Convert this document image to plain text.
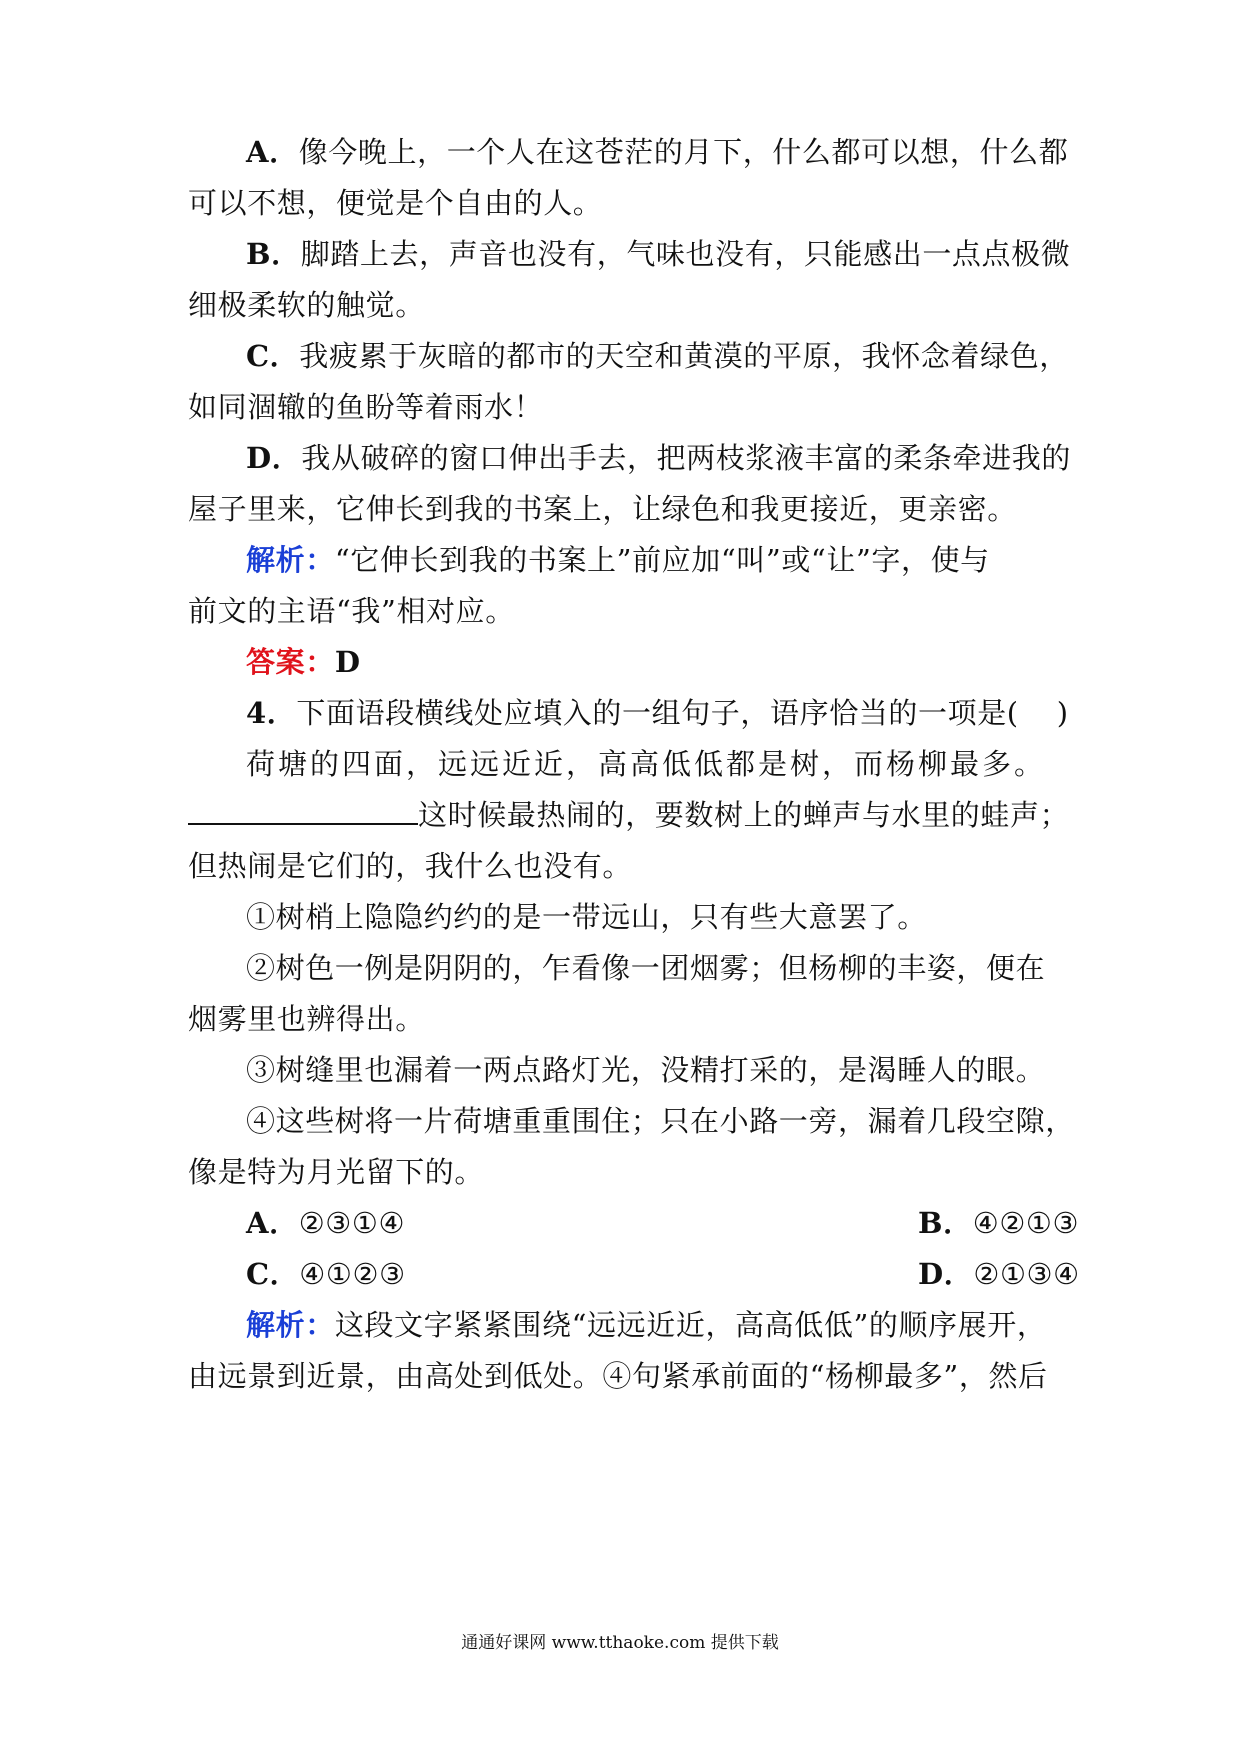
A．像今晚上，一个人在这苍茫的月下，什么都可以想，什么都
可以不想，便觉是个自由的人。
B．脚踏上去，声音也没有，气味也没有，只能感出一点点极微
细极柔软的触觉。
C．我疲累于灰暗的都市的天空和黄漠的平原，我怀念着绿色，
如同涸辙的鱼盼等着雨水！
D．我从破碎的窗口伸出手去，把两枝浆液丰富的柔条牵进我的
屋子里来，它伸长到我的书案上，让绿色和我更接近，更亲密。
解析：“它伸长到我的书案上”前应加“叫”或“让”字，使与
前文的主语“我”相对应。
答案：D
4．下面语段横线处应填入的一组句子，语序恰当的一项是( )
荷塘的四面，远远近近，高高低低都是树，而杨柳最多。
这时候最热闹的，要数树上的蝉声与水里的蛙声；
但热闹是它们的，我什么也没有。
①树梢上隐隐约约的是一带远山，只有些大意罢了。
②树色一例是阴阴的，乍看像一团烟雾；但杨柳的丰姿，便在
烟雾里也辨得出。
③树缝里也漏着一两点路灯光，没精打采的，是渴睡人的眼。
④这些树将一片荷塘重重围住；只在小路一旁，漏着几段空隙，
像是特为月光留下的。
A．②③①④	B．④②①③
C．④①②③	D．②①③④
解析：这段文字紧紧围绕“远远近近，高高低低”的顺序展开，
由远景到近景，由高处到低处。④句紧承前面的“杨柳最多”，然后
通通好课网 www.tthaoke.com 提供下载
